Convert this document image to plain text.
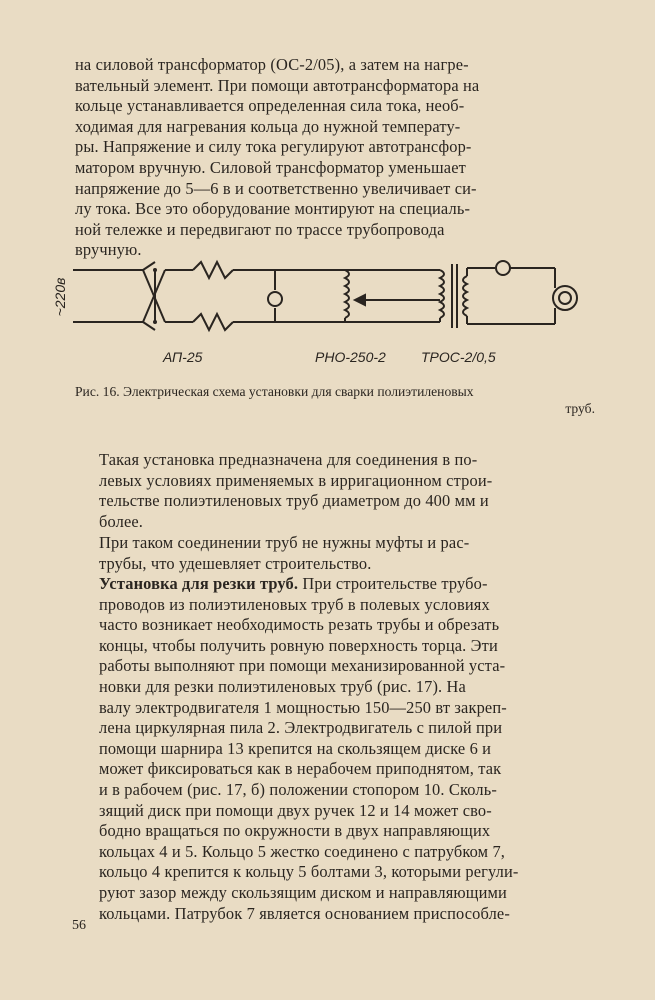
на силовой трансформатор (ОС-2/05), а затем на нагре-
вательный элемент. При помощи автотрансформатора на
кольце устанавливается определенная сила тока, необ-
ходимая для нагревания кольца до нужной температу-
ры. Напряжение и силу тока регулируют автотрансфор-
матором вручную. Силовой трансформатор уменьшает
напряжение до 5—6 в и соответственно увеличивает си-
лу тока. Все это оборудование монтируют на специаль-
ной тележке и передвигают по трассе трубопровода
вручную.
~220в
АП-25	РНО-250-2	ТРОС-2/0,5
Рис. 16. Электрическая схема установки для сварки полиэтиленовых
труб.
Такая установка предназначена для соединения в по-
левых условиях применяемых в ирригационном строи-
тельстве полиэтиленовых труб диаметром до 400 мм и
более.
При таком соединении труб не нужны муфты и рас-
трубы, что удешевляет строительство.
Установка для резки труб. При строительстве трубо-
проводов из полиэтиленовых труб в полевых условиях
часто возникает необходимость резать трубы и обрезать
концы, чтобы получить ровную поверхность торца. Эти
работы выполняют при помощи механизированной уста-
новки для резки полиэтиленовых труб (рис. 17). На
валу электродвигателя 1 мощностью 150—250 вт закреп-
лена циркулярная пила 2. Электродвигатель с пилой при
помощи шарнира 13 крепится на скользящем диске 6 и
может фиксироваться как в нерабочем приподнятом, так
и в рабочем (рис. 17, б) положении стопором 10. Сколь-
зящий диск при помощи двух ручек 12 и 14 может сво-
бодно вращаться по окружности в двух направляющих
кольцах 4 и 5. Кольцо 5 жестко соединено с патрубком 7,
кольцо 4 крепится к кольцу 5 болтами 3, которыми регули-
руют зазор между скользящим диском и направляющими
кольцами. Патрубок 7 является основанием приспособле-
56
